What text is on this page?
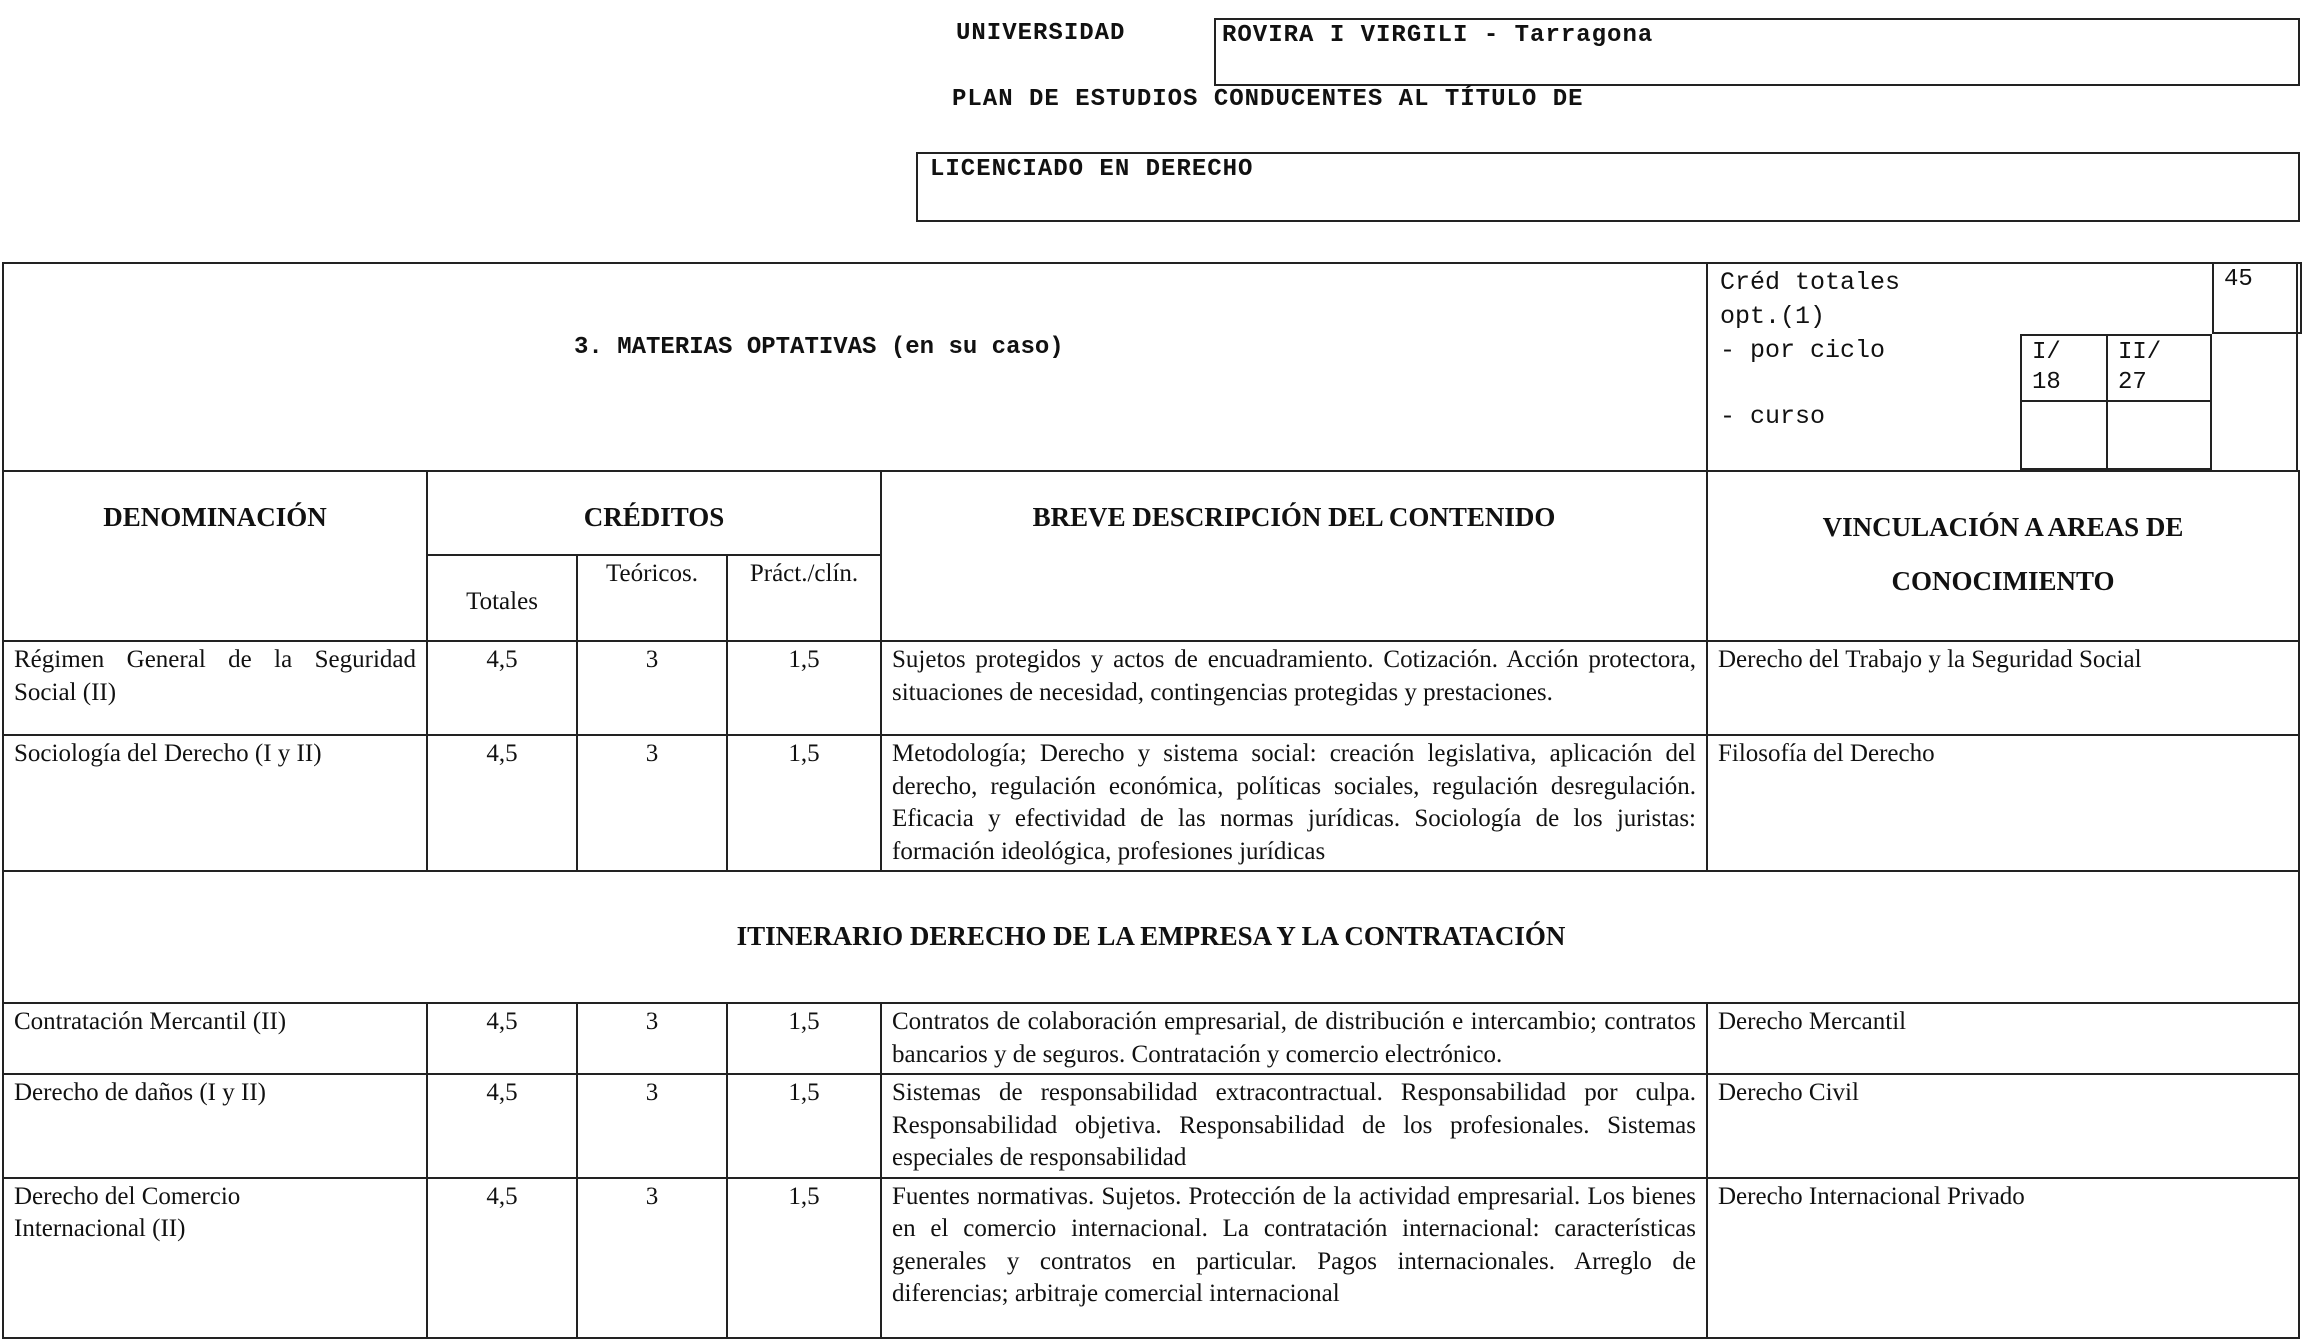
UNIVERSIDAD	ROVIRA I VIRGILI - Tarragona
PLAN DE ESTUDIOS CONDUCENTES AL TÍTULO DE
LICENCIADO EN DERECHO
3. MATERIAS OPTATIVAS (en su caso)
Créd totales
opt.(1)
- por ciclo
- curso
45
I/
18
II/
27
DENOMINACIÓN	CRÉDITOS			BREVE DESCRIPCIÓN DEL CONTENIDO	VINCULACIÓN A AREAS DE
CONOCIMIENTO

	Totales	Teóricos.	Práct./clín.		
Régimen General de la Seguridad Social (II)	4,5	3	1,5	Sujetos protegidos y actos de encuadramiento. Cotización. Acción protectora, situaciones de necesidad, contingencias protegidas y prestaciones.	Derecho del Trabajo y la Seguridad Social
Sociología del Derecho (I y II)	4,5	3	1,5	Metodología; Derecho y sistema social: creación legislativa, aplicación del derecho, regulación económica, políticas sociales, regulación desregulación. Eficacia y efectividad de las normas jurídicas. Sociología de los juristas: formación ideológica, profesiones jurídicas	Filosofía del Derecho
ITINERARIO DERECHO DE LA EMPRESA Y LA CONTRATACIÓN					
Contratación Mercantil (II)	4,5	3	1,5	Contratos de colaboración empresarial, de distribución e intercambio; contratos bancarios y de seguros. Contratación y comercio electrónico.	Derecho Mercantil
Derecho de daños (I y II)	4,5	3	1,5	Sistemas de responsabilidad extracontractual. Responsabilidad por culpa. Responsabilidad objetiva. Responsabilidad de los profesionales. Sistemas especiales de responsabilidad	Derecho Civil
Derecho del Comercio Internacional (II)	4,5	3	1,5	Fuentes normativas. Sujetos. Protección de la actividad empresarial. Los bienes en el comercio internacional. La contratación internacional: características generales y contratos en particular. Pagos internacionales. Arreglo de diferencias; arbitraje comercial internacional	Derecho Internacional Privado
